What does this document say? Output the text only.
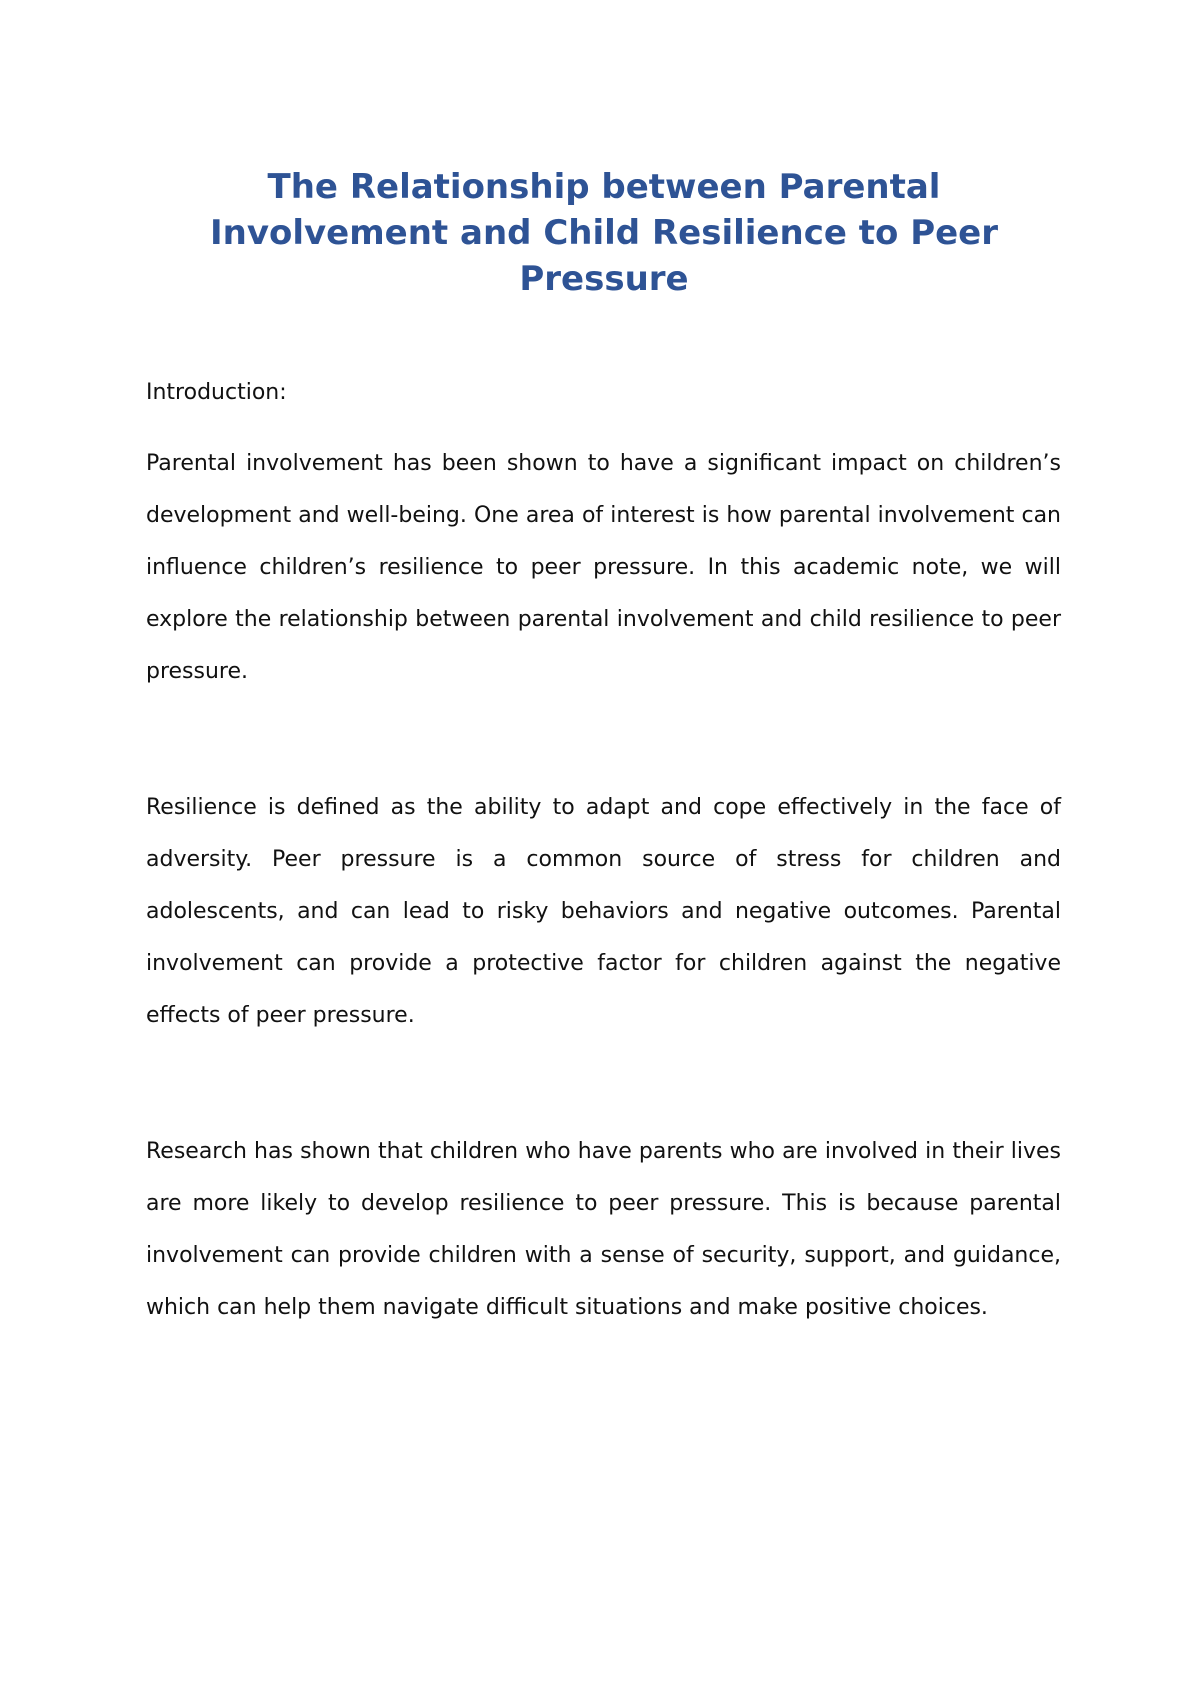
The Relationship between Parental Involvement and Child Resilience to Peer Pressure

Introduction:

Parental involvement has been shown to have a significant impact on children’s development and well-being. One area of interest is how parental involvement can influence children’s resilience to peer pressure. In this academic note, we will explore the relationship between parental involvement and child resilience to peer pressure.

Resilience is defined as the ability to adapt and cope effectively in the face of adversity. Peer pressure is a common source of stress for children and adolescents, and can lead to risky behaviors and negative outcomes. Parental involvement can provide a protective factor for children against the negative effects of peer pressure.

Research has shown that children who have parents who are involved in their lives are more likely to develop resilience to peer pressure. This is because parental involvement can provide children with a sense of security, support, and guidance, which can help them navigate difficult situations and make positive choices.
